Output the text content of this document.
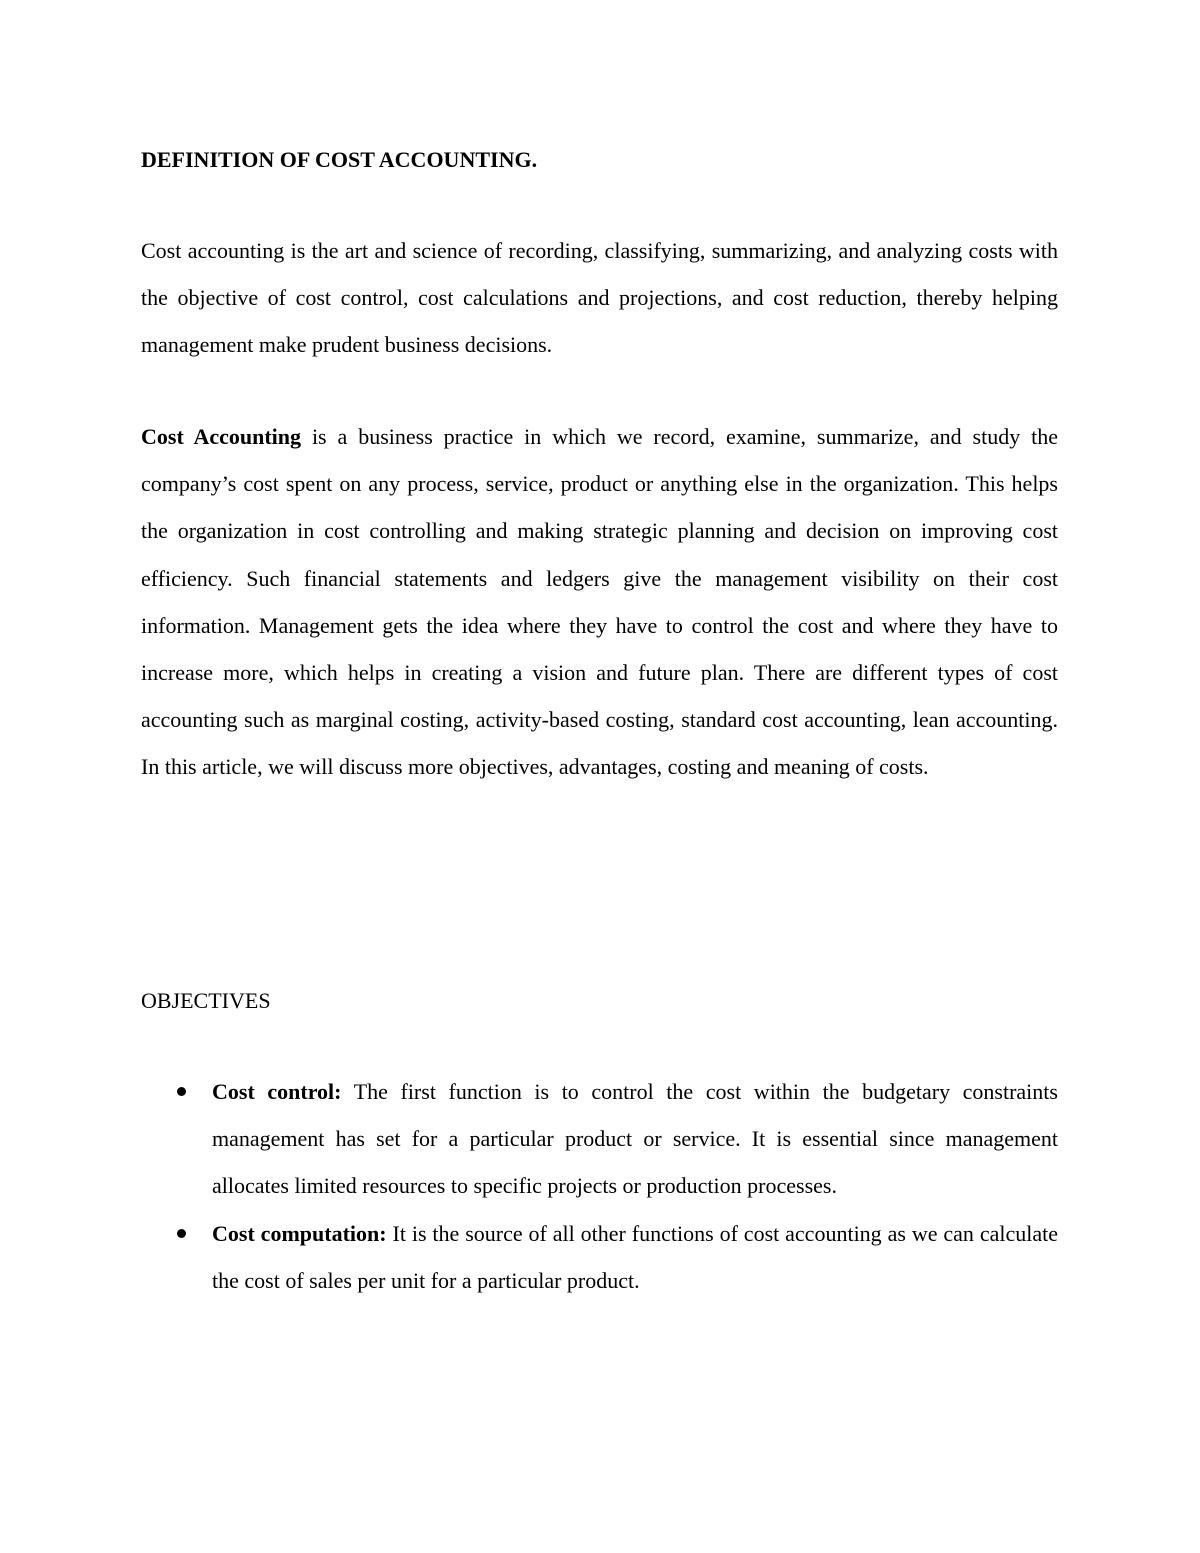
DEFINITION OF COST ACCOUNTING.

Cost accounting is the art and science of recording, classifying, summarizing, and analyzing costs with the objective of cost control, cost calculations and projections, and cost reduction, thereby helping management make prudent business decisions.

Cost Accounting is a business practice in which we record, examine, summarize, and study the company’s cost spent on any process, service, product or anything else in the organization. This helps the organization in cost controlling and making strategic planning and decision on improving cost efficiency. Such financial statements and ledgers give the management visibility on their cost information. Management gets the idea where they have to control the cost and where they have to increase more, which helps in creating a vision and future plan. There are different types of cost accounting such as marginal costing, activity-based costing, standard cost accounting, lean accounting. In this article, we will discuss more objectives, advantages, costing and meaning of costs.

OBJECTIVES
Cost control: The first function is to control the cost within the budgetary constraints management has set for a particular product or service. It is essential since management allocates limited resources to specific projects or production processes.
Cost computation: It is the source of all other functions of cost accounting as we can calculate the cost of sales per unit for a particular product.
